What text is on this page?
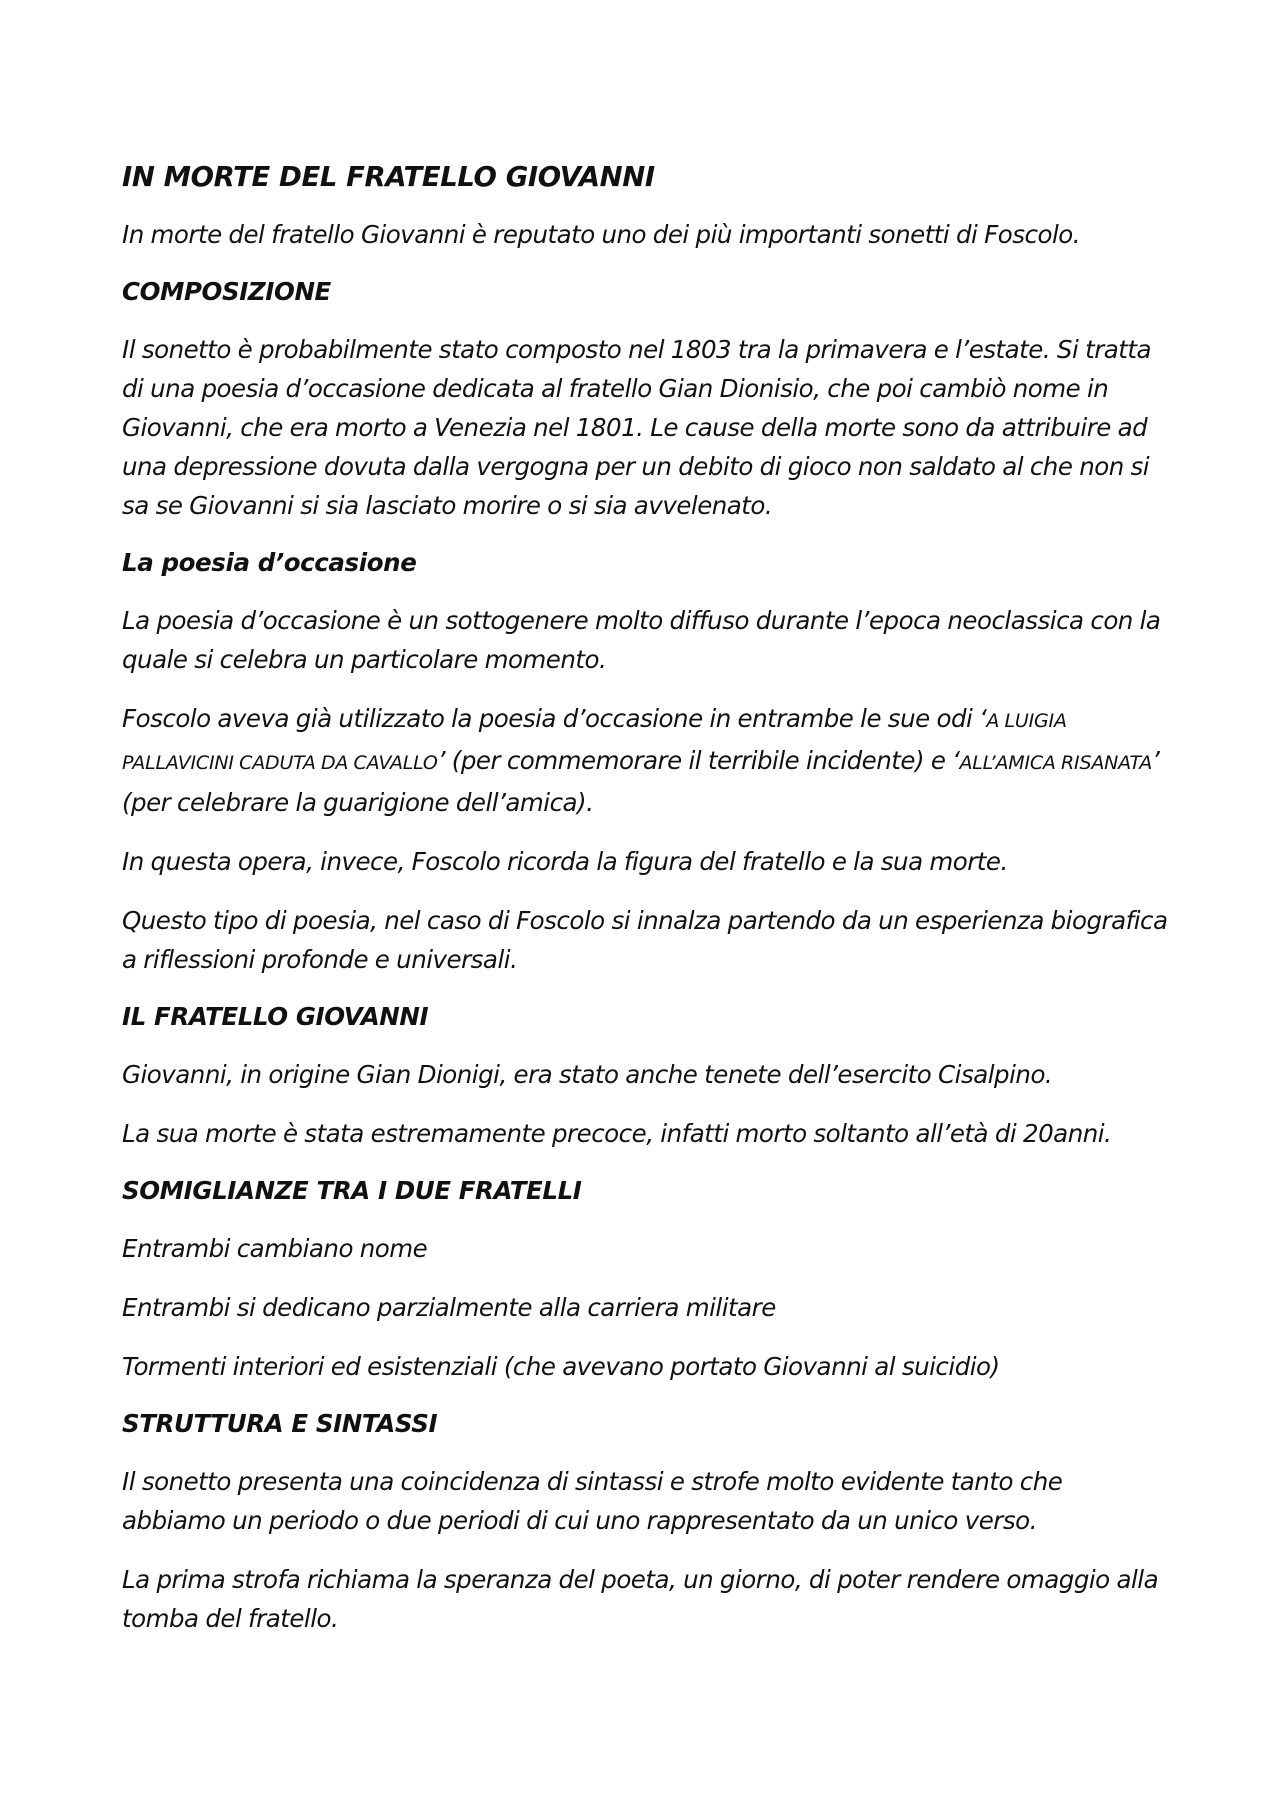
IN MORTE DEL FRATELLO GIOVANNI

In morte del fratello Giovanni è reputato uno dei più importanti sonetti di Foscolo.

COMPOSIZIONE

Il sonetto è probabilmente stato composto nel 1803 tra la primavera e l’estate. Si tratta di una poesia d’occasione dedicata al fratello Gian Dionisio, che poi cambiò nome in Giovanni, che era morto a Venezia nel 1801. Le cause della morte sono da attribuire ad una depressione dovuta dalla vergogna per un debito di gioco non saldato al che non si sa se Giovanni si sia lasciato morire o si sia avvelenato.

La poesia d’occasione

La poesia d’occasione è un sottogenere molto diffuso durante l’epoca neoclassica con la quale si celebra un particolare momento.

Foscolo aveva già utilizzato la poesia d’occasione in entrambe le sue odi ‘A LUIGIA PALLAVICINI CADUTA DA CAVALLO’ (per commemorare il terribile incidente) e ‘ALL’AMICA RISANATA’ (per celebrare la guarigione dell’amica).

In questa opera, invece, Foscolo ricorda la figura del fratello e la sua morte.

Questo tipo di poesia, nel caso di Foscolo si innalza partendo da un esperienza biografica a riflessioni profonde e universali.

IL FRATELLO GIOVANNI

Giovanni, in origine Gian Dionigi, era stato anche tenete dell’esercito Cisalpino.

La sua morte è stata estremamente precoce, infatti morto soltanto all’età di 20anni.

SOMIGLIANZE TRA I DUE FRATELLI

Entrambi cambiano nome

Entrambi si dedicano parzialmente alla carriera militare

Tormenti interiori ed esistenziali (che avevano portato Giovanni al suicidio)

STRUTTURA E SINTASSI

Il sonetto presenta una coincidenza di sintassi e strofe molto evidente tanto che abbiamo un periodo o due periodi di cui uno rappresentato da un unico verso.

La prima strofa richiama la speranza del poeta, un giorno, di poter rendere omaggio alla tomba del fratello.
